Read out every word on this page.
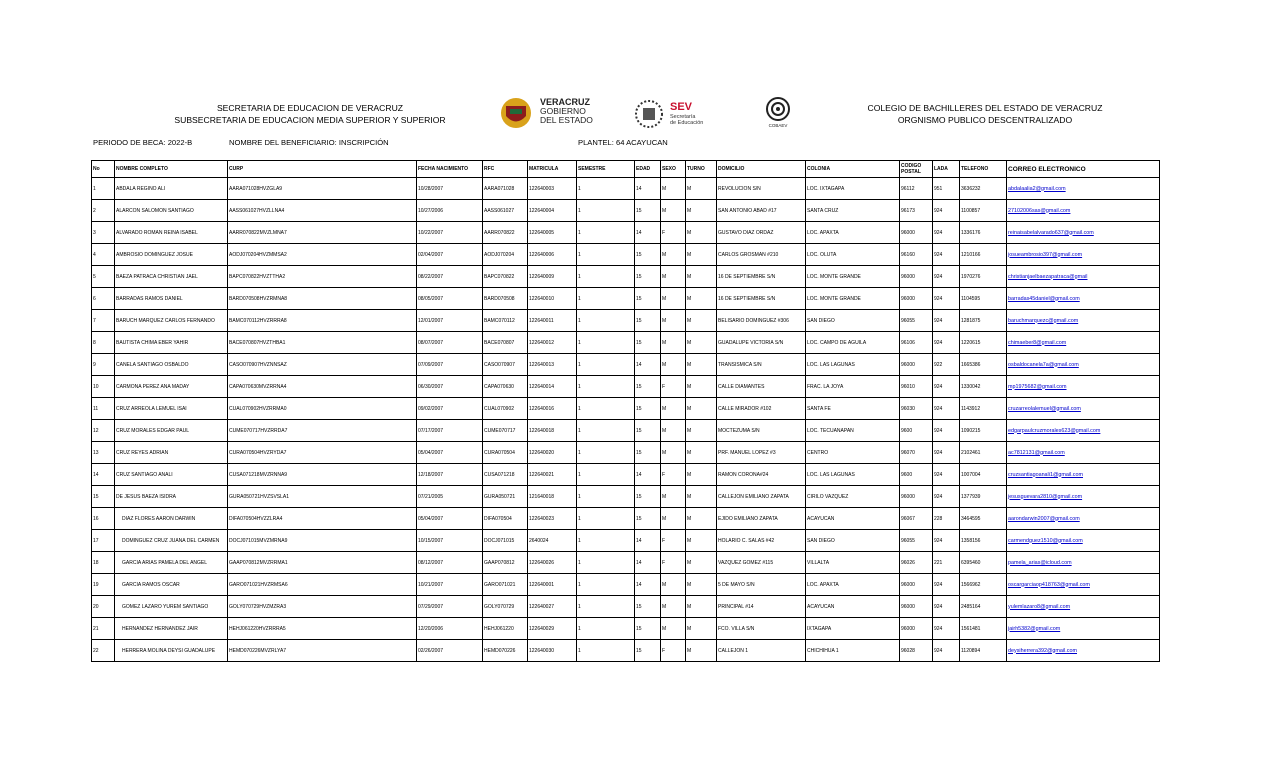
SECRETARIA DE EDUCACION DE VERACRUZ
SUBSECRETARIA DE EDUCACION MEDIA SUPERIOR Y SUPERIOR
VERACRUZ
GOBIERNO
DEL ESTADO
SEV
Secretaría
de Educación	COBAEV
COLEGIO DE BACHILLERES DEL ESTADO DE VERACRUZ
ORGNISMO PUBLICO DESCENTRALIZADO
PERIODO DE BECA: 2022-B	NOMBRE DEL BENEFICIARIO: INSCRIPCIÓN	PLANTEL: 64 ACAYUCAN
No	NOMBRE COMPLETO	CURP	FECHA NACIMIENTO	RFC	MATRICULA	SEMESTRE	EDAD	SEXO	TURNO	DOMICILIO	COLONIA	CODIGO POSTAL	LADA	TELEFONO	CORREO ELECTRONICO
1	ABDALA REGINO ALI	AARA071028HVZGLA9	10/28/2007	AARA071028	122640003	1	14	M	M	REVOLUCION S/N	LOC. IXTAGAPA	96112	951	3636232	abdalaalia2@gmail.com
2	ALARCON SALOMON SANTIAGO	AASS061027HVZLLNA4	10/27/2006	AASS061027	122640004	1	15	M	M	SAN ANTONIO ABAD #17	SANTA CRUZ	96173	924	1100857	27102006sas@gmail.com
3	ALVARADO ROMAN REINA ISABEL	AARR070822MVZLMNA7	10/22/2007	AARR070822	122640005	1	14	F	M	GUSTAVO DIAZ ORDAZ	LOC. APAXTA	96000	924	1336176	reinaisabelalvarado637@gmail.com
4	AMBROSIO DOMINGUEZ JOSUE	AODJ070204HVZMMSA2	02/04/2007	AODJ070204	122640006	1	15	M	M	CARLOS GROSMAN #210	LOC. OLUTA	96160	924	1210166	josueambrosio397@gmail.com
5	BAEZA PATRACA CHRISTIAN JAEL	BAPC070822HVZTTHA2	08/22/2007	BAPC070822	122640009	1	15	M	M	16 DE SEPTIEMBRE S/N	LOC. MONTE GRANDE	96000	924	1970276	christianjaelbaezapatraca@gmail
6	BARRADAS RAMOS DANIEL	BARD070508HVZRMNA8	08/05/2007	BARD070508	122640010	1	15	M	M	16 DE SEPTIEMBRE S/N	LOC. MONTE GRANDE	96000	924	1104595	barradas45daniel@gmail.com
7	BARUCH MARQUEZ CARLOS FERNANDO	BAMC070112HVZRRRA8	12/01/2007	BAMC070112	122640011	1	15	M	M	BELISARIO DOMINGUEZ #306	SAN DIEGO	96055	924	1281875	baruchmarquezc@gmail.com
8	BAUTISTA CHIMA EBER YAHIR	BACE070807HVZTHBA1	08/07/2007	BACE070807	122640012	1	15	M	M	GUADALUPE VICTORIA S/N	LOC. CAMPO DE AGUILA	96106	924	1220615	chimaeber8@gmail.com
9	CANELA SANTIAGO OSBALDO	CASO070907HVZNNSAZ	07/09/2007	CASO070907	122640013	1	14	M	M	TRANSISMICA S/N	LOC. LAS LAGUNAS	96000	922	1665386	osbaldocanela7a@gmail.com
10	CARMONA PEREZ ANA MADAY	CAPA070630MVZRRNA4	06/30/2007	CAPA070630	122640014	1	15	F	M	CALLE DIAMANTES	FRAC. LA JOYA	96010	924	1330042	mp1975682@gmail.com
11	CRUZ ARREOLA LEMUEL ISAI	CUAL070902HVZRRMA0	09/02/2007	CUAL070902	122640016	1	15	M	M	CALLE MIRADOR #102	SANTA FE	96030	924	1143912	cruzarreolalemuel@gmail.com
12	CRUZ MORALES EDGAR PAUL	CUME070717HVZRRDA7	07/17/2007	CUME070717	122640018	1	15	M	M	MOCTEZUMA S/N	LOC. TECUANAPAN	9600	924	1090215	edgarpaulcruzmorales623@gmail.com
13	CRUZ REYES ADRIAN	CURA070504HVZRYDA7	05/04/2007	CURA070504	122640020	1	15	M	M	PRF. MANUEL LOPEZ #3	CENTRO	96070	924	2102461	ac7812131@gmail.com
14	CRUZ SANTIAGO ANALI	CUSA071218MVZRNNA9	12/18/2007	CUSA071218	122640021	1	14	F	M	RAMON CORONA#24	LOC. LAS LAGUNAS	9600	924	1007004	cruzsantiagoanali1@gmail.com
15	DE JESUS BAEZA ISIDRA	GURA050721HVZSVSLA1	07/21/2005	GURA050721	121640018	1	15	M	M	CALLEJON EMILIANO ZAPATA	CIRILO VAZQUEZ	96000	924	1377939	jesusguevara2810@gmail.com
16	DIAZ FLORES AARON DARWIN	DIFA070504HVZZLRA4	05/04/2007	DIFA070504	122640023	1	15	M	M	EJIDO EMILIANO ZAPATA	ACAYUCAN	96067	228	3464595	aarondarwin2007@gmail.com
17	DOMINGUEZ CRUZ JUANA DEL CARMEN	DOCJ071015MVZMRNA9	10/15/2007	DOCJ071015	2640024	1	14	F	M	HOLARIO C. SALAS #42	SAN DIEGO	96055	924	1358156	carmendguez1510@gmail.com
18	GARCIA ARIAS PAMELA DEL ANGEL	GAAP070812MVZRRMA1	08/12/2007	GAAP070812	122640026	1	14	F	M	VAZQUEZ GOMEZ #115	VILLALTA	96026	221	6395460	pamela_arias@icloud.com
19	GARCIA RAMOS OSCAR	GARO071021HVZRMSA6	10/21/2007	GARO071021	122640001	1	14	M	M	5 DE MAYO S/N	LOC. APAXTA	96000	924	1566962	oscargarciaop418763@gmail.com
20	GOMEZ LAZARO YUREM SANTIAGO	GOLY070729HVZMZRA3	07/29/2007	GOLY070729	122640027	1	15	M	M	PRINCIPAL #14	ACAYUCAN	96000	924	2485164	yulemlazaro8@gmail.com
21	HERNANDEZ HERNANDEZ JAIR	HEHJ061220HVZRRRA5	12/20/2006	HEHJ061220	122640029	1	15	M	M	FCO. VILLA S/N	IXTAGAPA	96000	924	1561481	jairh5382@gmail.com
22	HERRERA MOLINA DEYSI GUADALUPE	HEMD070226MVZRLYA7	02/26/2007	HEMD070226	122640030	1	15	F	M	CALLEJON 1	CHICHIHUA 1	96028	924	1120894	deysiherrera392@gmail.com
